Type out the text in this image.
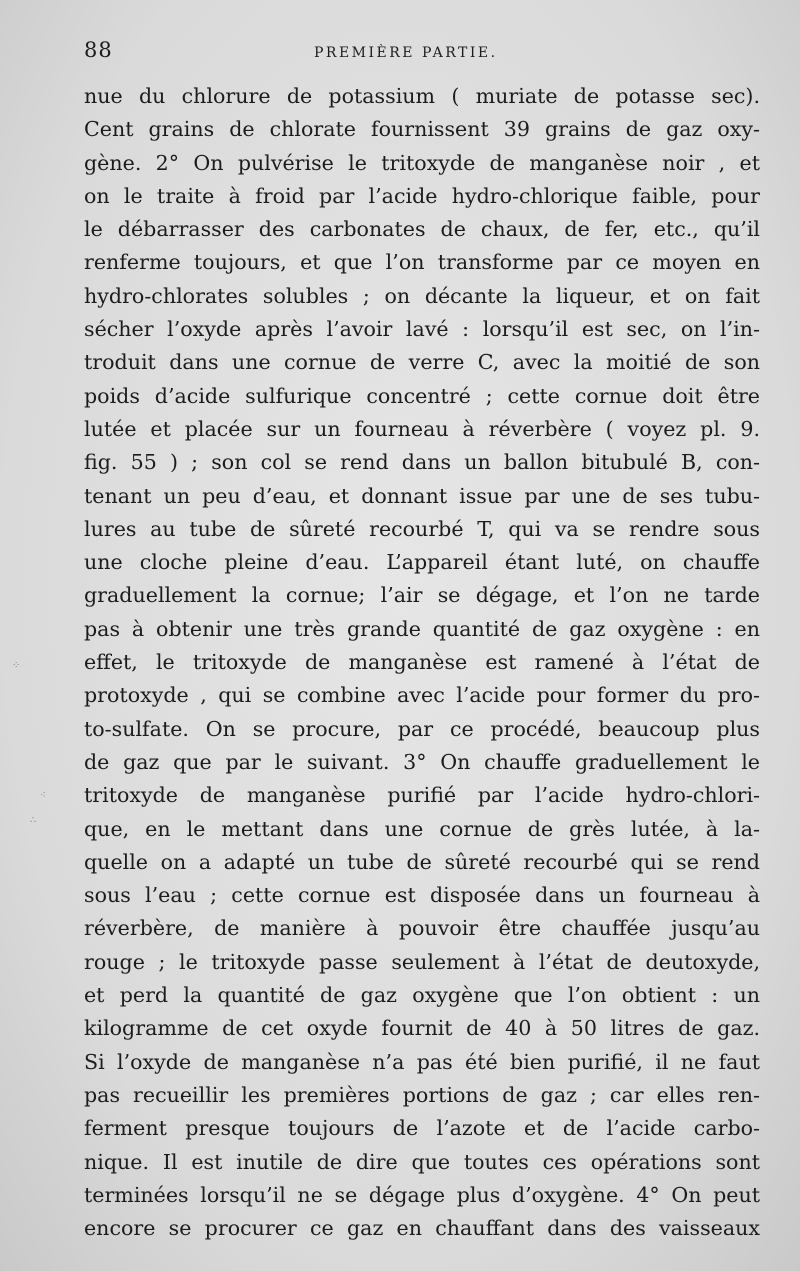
88	PREMIÈRE PARTIE.
nue du chlorure de potassium ( muriate de potasse sec).
Cent grains de chlorate fournissent 39 grains de gaz oxy-
gène. 2° On pulvérise le tritoxyde de manganèse noir , et
on le traite à froid par l’acide hydro-chlorique faible, pour
le débarrasser des carbonates de chaux, de fer, etc., qu’il
renferme toujours, et que l’on transforme par ce moyen en
hydro-chlorates solubles ; on décante la liqueur, et on fait
sécher l’oxyde après l’avoir lavé : lorsqu’il est sec, on l’in-
troduit dans une cornue de verre C, avec la moitié de son
poids d’acide sulfurique concentré ; cette cornue doit être
lutée et placée sur un fourneau à réverbère ( voyez pl. 9.
fig. 55 ) ; son col se rend dans un ballon bitubulé B, con-
tenant un peu d’eau, et donnant issue par une de ses tubu-
lures au tube de sûreté recourbé T, qui va se rendre sous
une cloche pleine d’eau. L’appareil étant luté, on chauffe
graduellement la cornue; l’air se dégage, et l’on ne tarde
pas à obtenir une très grande quantité de gaz oxygène : en
effet, le tritoxyde de manganèse est ramené à l’état de
protoxyde , qui se combine avec l’acide pour former du pro-
to-sulfate. On se procure, par ce procédé, beaucoup plus
de gaz que par le suivant. 3° On chauffe graduellement le
tritoxyde de manganèse purifié par l’acide hydro-chlori-
que, en le mettant dans une cornue de grès lutée, à la-
quelle on a adapté un tube de sûreté recourbé qui se rend
sous l’eau ; cette cornue est disposée dans un fourneau à
réverbère, de manière à pouvoir être chauffée jusqu’au
rouge ; le tritoxyde passe seulement à l’état de deutoxyde,
et perd la quantité de gaz oxygène que l’on obtient : un
kilogramme de cet oxyde fournit de 40 à 50 litres de gaz.
Si l’oxyde de manganèse n’a pas été bien purifié, il ne faut
pas recueillir les premières portions de gaz ; car elles ren-
ferment presque toujours de l’azote et de l’acide carbo-
nique. Il est inutile de dire que toutes ces opérations sont
terminées lorsqu’il ne se dégage plus d’oxygène. 4° On peut
encore se procurer ce gaz en chauffant dans des vaisseaux
⁘
⁖
∴
